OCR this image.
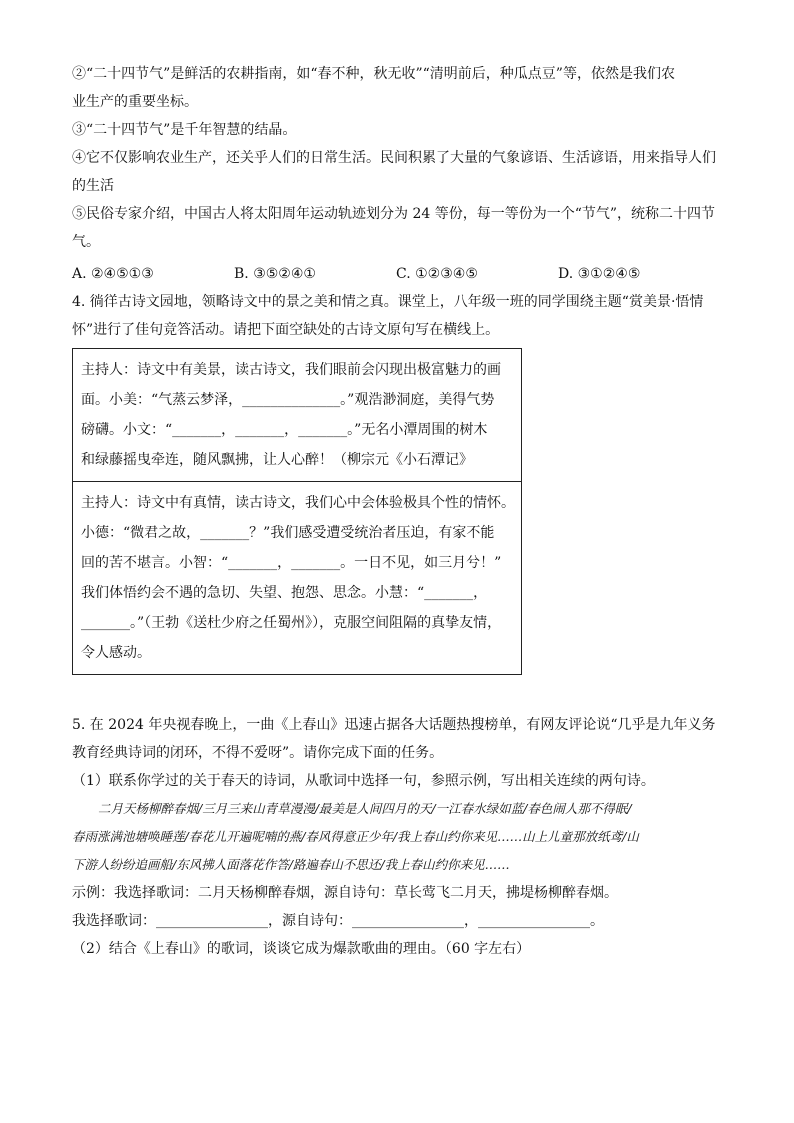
②“二十四节气”是鲜活的农耕指南，如“春不种，秋无收”“清明前后，种瓜点豆”等，依然是我们农
业生产的重要坐标。
③“二十四节气”是千年智慧的结晶。
④它不仅影响农业生产，还关乎人们的日常生活。民间积累了大量的气象谚语、生活谚语，用来指导人们
的生活
⑤民俗专家介绍，中国古人将太阳周年运动轨迹划分为 24 等份，每一等份为一个“节气”，统称二十四节
气。
A. ②④⑤①③	B. ③⑤②④①	C. ①②③④⑤	D. ③①②④⑤
4. 徜徉古诗文园地，领略诗文中的景之美和情之真。课堂上，八年级一班的同学围绕主题“赏美景·悟情
怀”进行了佳句竞答活动。请把下面空缺处的古诗文原句写在横线上。
主持人：诗文中有美景，读古诗文，我们眼前会闪现出极富魅力的画
面。小美：“气蒸云梦泽，______________。”观浩渺洞庭，美得气势
磅礴。小文：“_______，_______，_______。”无名小潭周围的树木
和绿藤摇曳牵连，随风飘拂，让人心醉！（柳宗元《小石潭记》
主持人：诗文中有真情，读古诗文，我们心中会体验极具个性的情怀。
小德：“微君之故，_______？”我们感受遭受统治者压迫，有家不能
回的苦不堪言。小智：“_______，_______。一日不见，如三月兮！”
我们体悟约会不遇的急切、失望、抱怨、思念。小慧：“_______，
_______。”（王勃《送杜少府之任蜀州》），克服空间阻隔的真挚友情，
令人感动。
5. 在 2024 年央视春晚上，一曲《上春山》迅速占据各大话题热搜榜单，有网友评论说“几乎是九年义务
教育经典诗词的闭环，不得不爱呀”。请你完成下面的任务。
（1）联系你学过的关于春天的诗词，从歌词中选择一句，参照示例，写出相关连续的两句诗。
二月天杨柳醉春烟/三月三来山青草漫漫/最美是人间四月的天/一江春水绿如蓝/春色闹人那不得眠/
春雨涨满池塘唤睡莲/春花儿开遍呢喃的燕/春风得意正少年/我上春山约你来见……山上儿童那放纸鸢/山
下游人纷纷追画船/东风拂人面落花作答/路遍春山不思还/我上春山约你来见……
示例：我选择歌词：二月天杨柳醉春烟，源自诗句：草长莺飞二月天，拂堤杨柳醉春烟。
我选择歌词：________________，源自诗句：________________，________________。
（2）结合《上春山》的歌词，谈谈它成为爆款歌曲的理由。（60 字左右）
